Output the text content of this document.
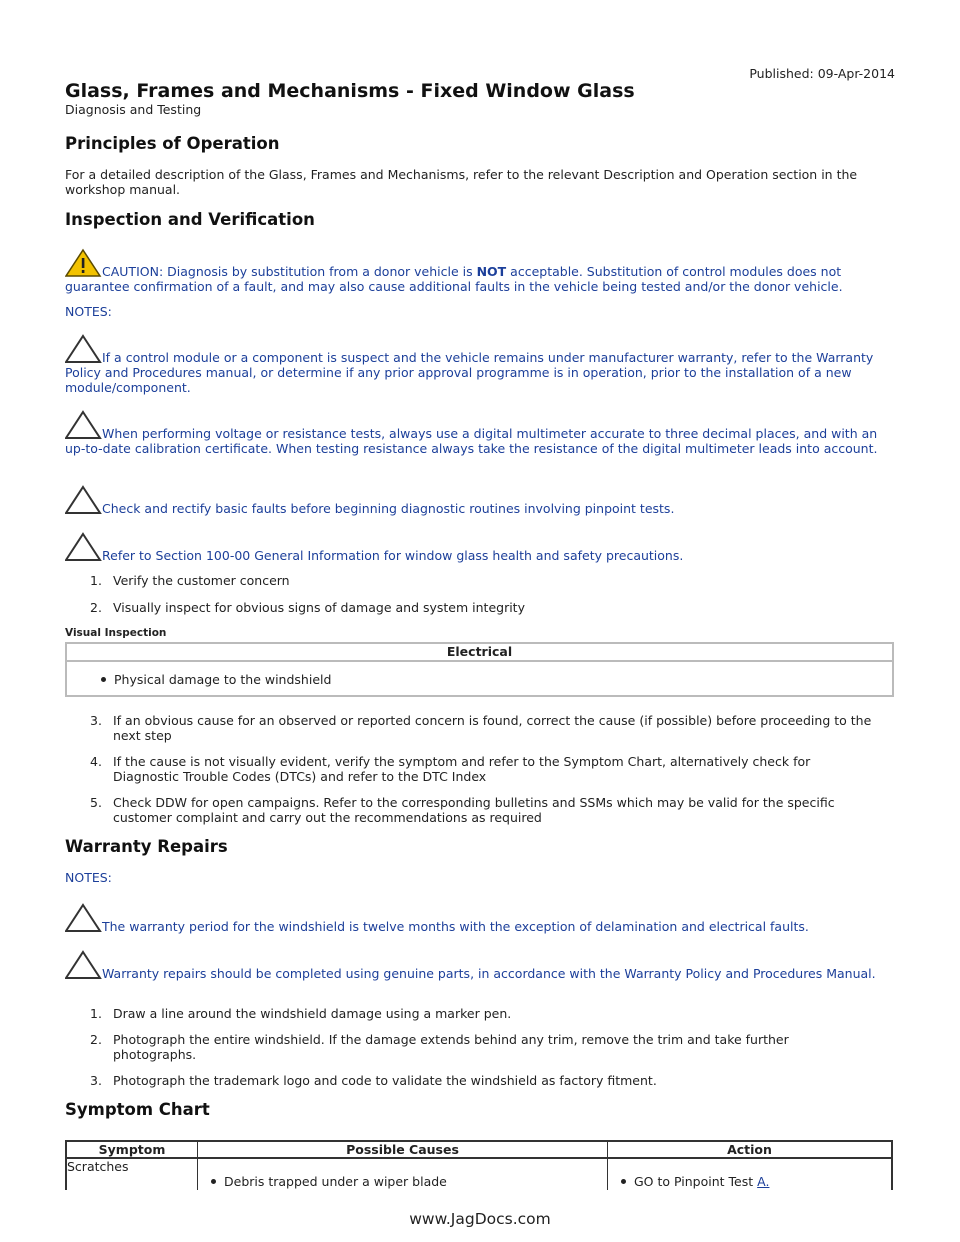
Published: 09-Apr-2014
Glass, Frames and Mechanisms - Fixed Window Glass
Diagnosis and Testing
Principles of Operation
For a detailed description of the Glass, Frames and Mechanisms, refer to the relevant Description and Operation section in the workshop manual.
Inspection and Verification
CAUTION: Diagnosis by substitution from a donor vehicle is NOT acceptable. Substitution of control modules does not guarantee confirmation of a fault, and may also cause additional faults in the vehicle being tested and/or the donor vehicle.
NOTES:
If a control module or a component is suspect and the vehicle remains under manufacturer warranty, refer to the Warranty Policy and Procedures manual, or determine if any prior approval programme is in operation, prior to the installation of a new module/component.
When performing voltage or resistance tests, always use a digital multimeter accurate to three decimal places, and with an up-to-date calibration certificate. When testing resistance always take the resistance of the digital multimeter leads into account.
Check and rectify basic faults before beginning diagnostic routines involving pinpoint tests.
Refer to Section 100-00 General Information for window glass health and safety precautions.
1. Verify the customer concern
2. Visually inspect for obvious signs of damage and system integrity
Visual Inspection
Electrical
Physical damage to the windshield
3. If an obvious cause for an observed or reported concern is found, correct the cause (if possible) before proceeding to the next step
4. If the cause is not visually evident, verify the symptom and refer to the Symptom Chart, alternatively check for Diagnostic Trouble Codes (DTCs) and refer to the DTC Index
5. Check DDW for open campaigns. Refer to the corresponding bulletins and SSMs which may be valid for the specific customer complaint and carry out the recommendations as required
Warranty Repairs
NOTES:
The warranty period for the windshield is twelve months with the exception of delamination and electrical faults.
Warranty repairs should be completed using genuine parts, in accordance with the Warranty Policy and Procedures Manual.
1. Draw a line around the windshield damage using a marker pen.
2. Photograph the entire windshield. If the damage extends behind any trim, remove the trim and take further photographs.
3. Photograph the trademark logo and code to validate the windshield as factory fitment.
Symptom Chart
Symptom	Possible Causes	Action
Scratches	Debris trapped under a wiper blade	GO to Pinpoint Test A.
www.JagDocs.com
